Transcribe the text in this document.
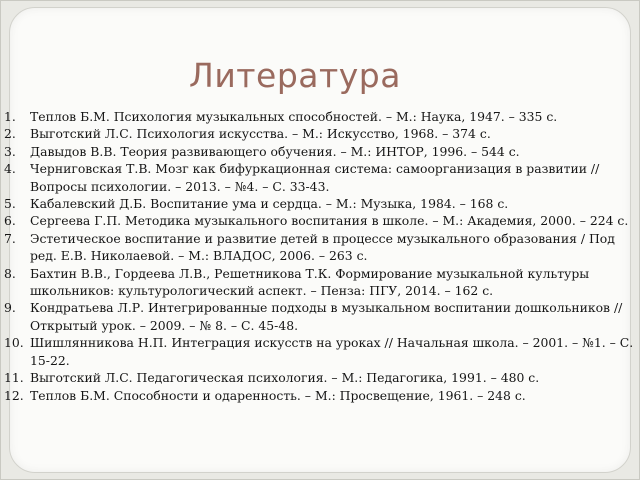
Литература
1. Теплов Б.М. Психология музыкальных способностей. – М.: Наука, 1947. – 335 с.
2. Выготский Л.С. Психология искусства. – М.: Искусство, 1968. – 374 с.
3. Давыдов В.В. Теория развивающего обучения. – М.: ИНТОР, 1996. – 544 с.
4. Черниговская Т.В. Мозг как бифуркационная система: самоорганизация в развитии // Вопросы психологии. – 2013. – №4. – С. 33-43.
5. Кабалевский Д.Б. Воспитание ума и сердца. – М.: Музыка, 1984. – 168 с.
6. Сергеева Г.П. Методика музыкального воспитания в школе. – М.: Академия, 2000. – 224 с.
7. Эстетическое воспитание и развитие детей в процессе музыкального образования / Под ред. Е.В. Николаевой. – М.: ВЛАДОС, 2006. – 263 с.
8. Бахтин В.В., Гордеева Л.В., Решетникова Т.К. Формирование музыкальной культуры школьников: культурологический аспект. – Пенза: ПГУ, 2014. – 162 с.
9. Кондратьева Л.Р. Интегрированные подходы в музыкальном воспитании дошкольников //Открытый урок. – 2009. – № 8. – С. 45-48.
10. Шишлянникова Н.П. Интеграция искусств на уроках // Начальная школа. – 2001. – №1. – С. 15-22.
11. Выготский Л.С. Педагогическая психология. – М.: Педагогика, 1991. – 480 с.
12. Теплов Б.М. Способности и одаренность. – М.: Просвещение, 1961. – 248 с.
